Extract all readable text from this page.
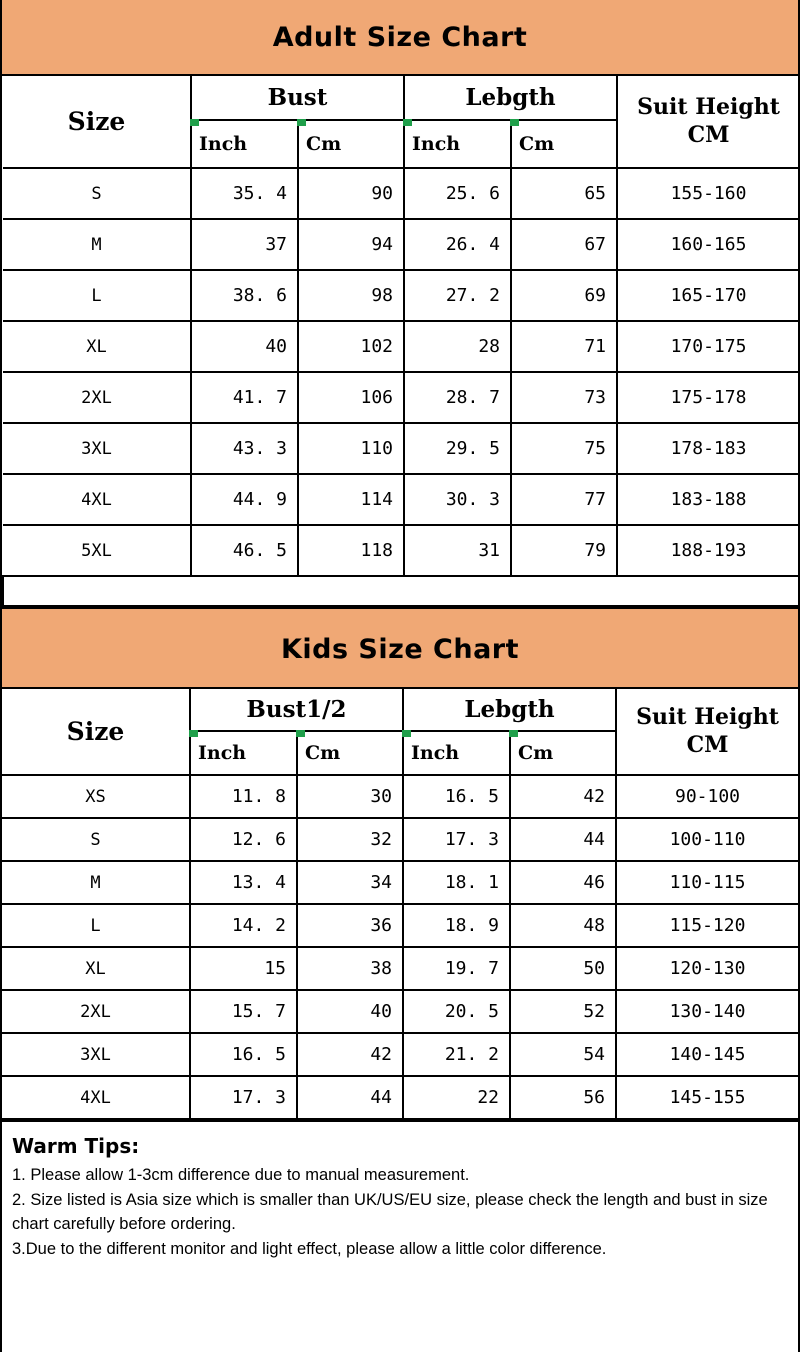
Adult Size Chart
Size	Bust		Lebgth		Suit Height
CM
	Inch	Cm	Inch	Cm	
S	35. 4	90	25. 6	65	155-160
M	37	94	26. 4	67	160-165
L	38. 6	98	27. 2	69	165-170
XL	40	102	28	71	170-175
2XL	41. 7	106	28. 7	73	175-178
3XL	43. 3	110	29. 5	75	178-183
4XL	44. 9	114	30. 3	77	183-188
5XL	46. 5	118	31	79	188-193

Kids Size Chart
Size	Bust1/2		Lebgth		Suit Height
CM
	Inch	Cm	Inch	Cm	
XS	11. 8	30	16. 5	42	90-100
S	12. 6	32	17. 3	44	100-110
M	13. 4	34	18. 1	46	110-115
L	14. 2	36	18. 9	48	115-120
XL	15	38	19. 7	50	120-130
2XL	15. 7	40	20. 5	52	130-140
3XL	16. 5	42	21. 2	54	140-145
4XL	17. 3	44	22	56	145-155
Warm Tips:
1. Please allow 1-3cm difference due to manual measurement.
2. Size listed is Asia size which is smaller than UK/US/EU size, please check the length and bust in size chart carefully before ordering.
3.Due to the different monitor and light effect, please allow a little color difference.
